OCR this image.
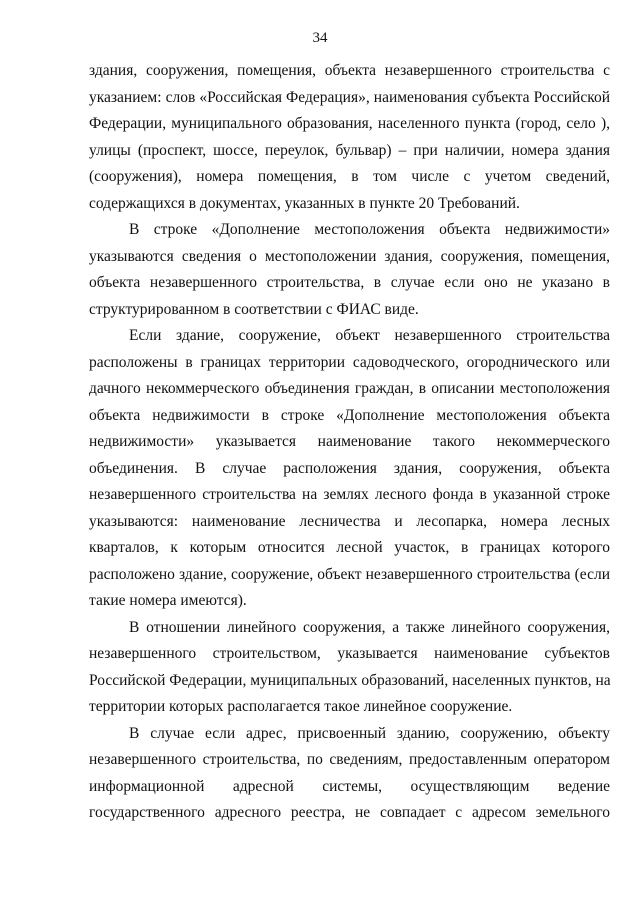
34
здания, сооружения, помещения, объекта незавершенного строительства с
указанием: слов «Российская Федерация», наименования субъекта Российской
Федерации, муниципального образования, населенного пункта (город, село ),
улицы (проспект, шоссе, переулок, бульвар) – при наличии, номера здания
(сооружения), номера помещения, в том числе с учетом сведений,
содержащихся в документах, указанных в пункте 20 Требований.
В строке «Дополнение местоположения объекта недвижимости»
указываются сведения о местоположении здания, сооружения, помещения,
объекта незавершенного строительства, в случае если оно не указано в
структурированном в соответствии с ФИАС виде.
Если здание, сооружение, объект незавершенного строительства
расположены в границах территории садоводческого, огороднического или
дачного некоммерческого объединения граждан, в описании местоположения
объекта недвижимости в строке «Дополнение местоположения объекта
недвижимости» указывается наименование такого некоммерческого
объединения. В случае расположения здания, сооружения, объекта
незавершенного строительства на землях лесного фонда в указанной строке
указываются: наименование лесничества и лесопарка, номера лесных
кварталов, к которым относится лесной участок, в границах которого
расположено здание, сооружение, объект незавершенного строительства (если
такие номера имеются).
В отношении линейного сооружения, а также линейного сооружения,
незавершенного строительством, указывается наименование субъектов
Российской Федерации, муниципальных образований, населенных пунктов, на
территории которых располагается такое линейное сооружение.
В случае если адрес, присвоенный зданию, сооружению, объекту
незавершенного строительства, по сведениям, предоставленным оператором
информационной адресной системы, осуществляющим ведение
государственного адресного реестра, не совпадает с адресом земельного
